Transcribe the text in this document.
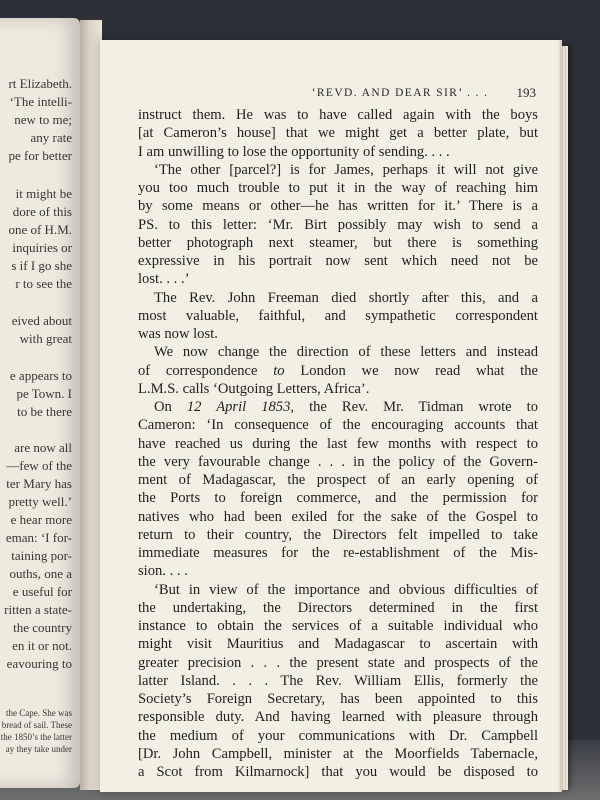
rt Elizabeth.
‘The intelli-
new to me;
any rate
pe for better
it might be
dore of this
one of H.M.
inquiries or
s if I go she
r to see the
eived about
with great
e appears to
pe Town. I
to be there
are now all
—few of the
ter Mary has
pretty well.’
e hear more
eman: ‘I for-
taining por-
ouths, one a
e useful for
ritten a state-
the country
en it or not.
eavouring to
the Cape. She was
bread of sail. These
the 1850’s the latter
ay they take under
‘REVD. AND DEAR SIR’ . . .	193
instruct them. He was to have called again with the boys
[at Cameron’s house] that we might get a better plate, but
I am unwilling to lose the opportunity of sending. . . .
‘The other [parcel?] is for James, perhaps it will not give
you too much trouble to put it in the way of reaching him
by some means or other—he has written for it.’ There is a
PS. to this letter: ‘Mr. Birt possibly may wish to send a
better photograph next steamer, but there is something
expressive in his portrait now sent which need not be
lost. . . .’
The Rev. John Freeman died shortly after this, and a
most valuable, faithful, and sympathetic correspondent
was now lost.
We now change the direction of these letters and instead
of correspondence to London we now read what the
L.M.S. calls ‘Outgoing Letters, Africa’.
On 12 April 1853, the Rev. Mr. Tidman wrote to
Cameron: ‘In consequence of the encouraging accounts that
have reached us during the last few months with respect to
the very favourable change . . . in the policy of the Govern-
ment of Madagascar, the prospect of an early opening of
the Ports to foreign commerce, and the permission for
natives who had been exiled for the sake of the Gospel to
return to their country, the Directors felt impelled to take
immediate measures for the re-establishment of the Mis-
sion. . . .
‘But in view of the importance and obvious difficulties of
the undertaking, the Directors determined in the first
instance to obtain the services of a suitable individual who
might visit Mauritius and Madagascar to ascertain with
greater precision . . . the present state and prospects of the
latter Island. . . . The Rev. William Ellis, formerly the
Society’s Foreign Secretary, has been appointed to this
responsible duty. And having learned with pleasure through
the medium of your communications with Dr. Campbell
[Dr. John Campbell, minister at the Moorfields Tabernacle,
a Scot from Kilmarnock] that you would be disposed to
